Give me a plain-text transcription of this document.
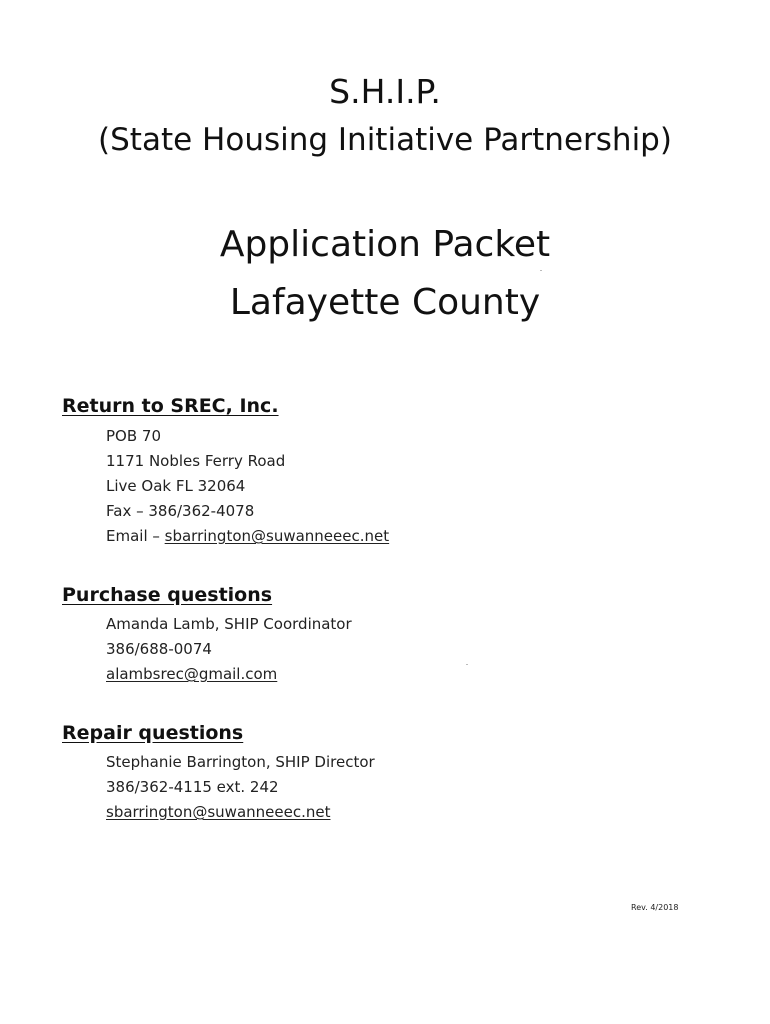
S.H.I.P.
(State Housing Initiative Partnership)
Application Packet
Lafayette County
Return to SREC, Inc.
POB 70
1171 Nobles Ferry Road
Live Oak FL 32064
Fax – 386/362-4078
Email – sbarrington@suwanneeec.net
Purchase questions
Amanda Lamb, SHIP Coordinator
386/688-0074
alambsrec@gmail.com
Repair questions
Stephanie Barrington, SHIP Director
386/362-4115 ext. 242
sbarrington@suwanneeec.net
Rev. 4/2018
